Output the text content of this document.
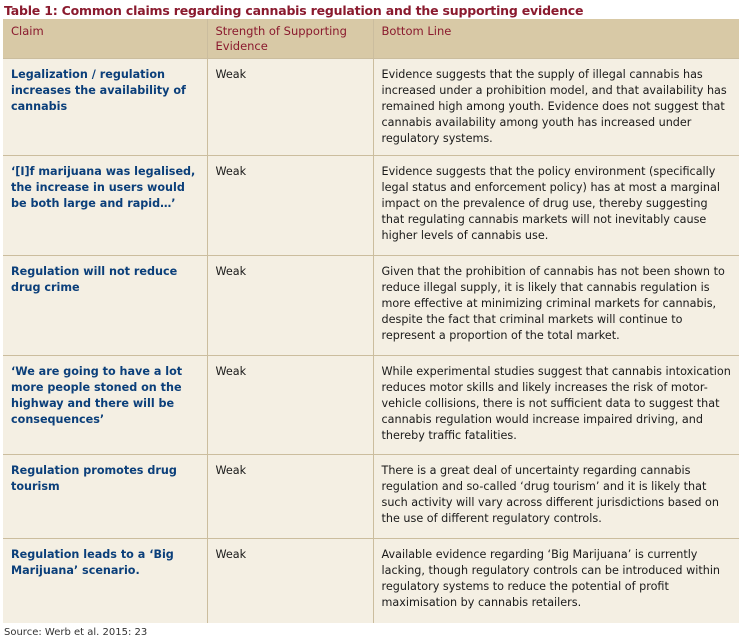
Table 1: Common claims regarding cannabis regulation and the supporting evidence
Claim	Strength of Supporting Evidence	Bottom Line
Legalization / regulation increases the availability of cannabis	Weak	Evidence suggests that the supply of illegal cannabis has increased under a prohibition model, and that availability has remained high among youth. Evidence does not suggest that cannabis availability among youth has increased under regulatory systems.
‘[I]f marijuana was legalised, the increase in users would be both large and rapid…’	Weak	Evidence suggests that the policy environment (specifically legal status and enforcement policy) has at most a marginal impact on the prevalence of drug use, thereby suggesting that regulating cannabis markets will not inevitably cause higher levels of cannabis use.
Regulation will not reduce drug crime	Weak	Given that the prohibition of cannabis has not been shown to reduce illegal supply, it is likely that cannabis regulation is more effective at minimizing criminal markets for cannabis, despite the fact that criminal markets will continue to represent a proportion of the total market.
‘We are going to have a lot more people stoned on the highway and there will be consequences’	Weak	While experimental studies suggest that cannabis intoxication reduces motor skills and likely increases the risk of motor-vehicle collisions, there is not sufficient data to suggest that cannabis regulation would increase impaired driving, and thereby traffic fatalities.
Regulation promotes drug tourism	Weak	There is a great deal of uncertainty regarding cannabis regulation and so-called ‘drug tourism’ and it is likely that such activity will vary across different jurisdictions based on the use of different regulatory controls.
Regulation leads to a ‘Big Marijuana’ scenario.	Weak	Available evidence regarding ‘Big Marijuana’ is currently lacking, though regulatory controls can be introduced within regulatory systems to reduce the potential of profit maximisation by cannabis retailers.
Source: Werb et al. 2015: 23
